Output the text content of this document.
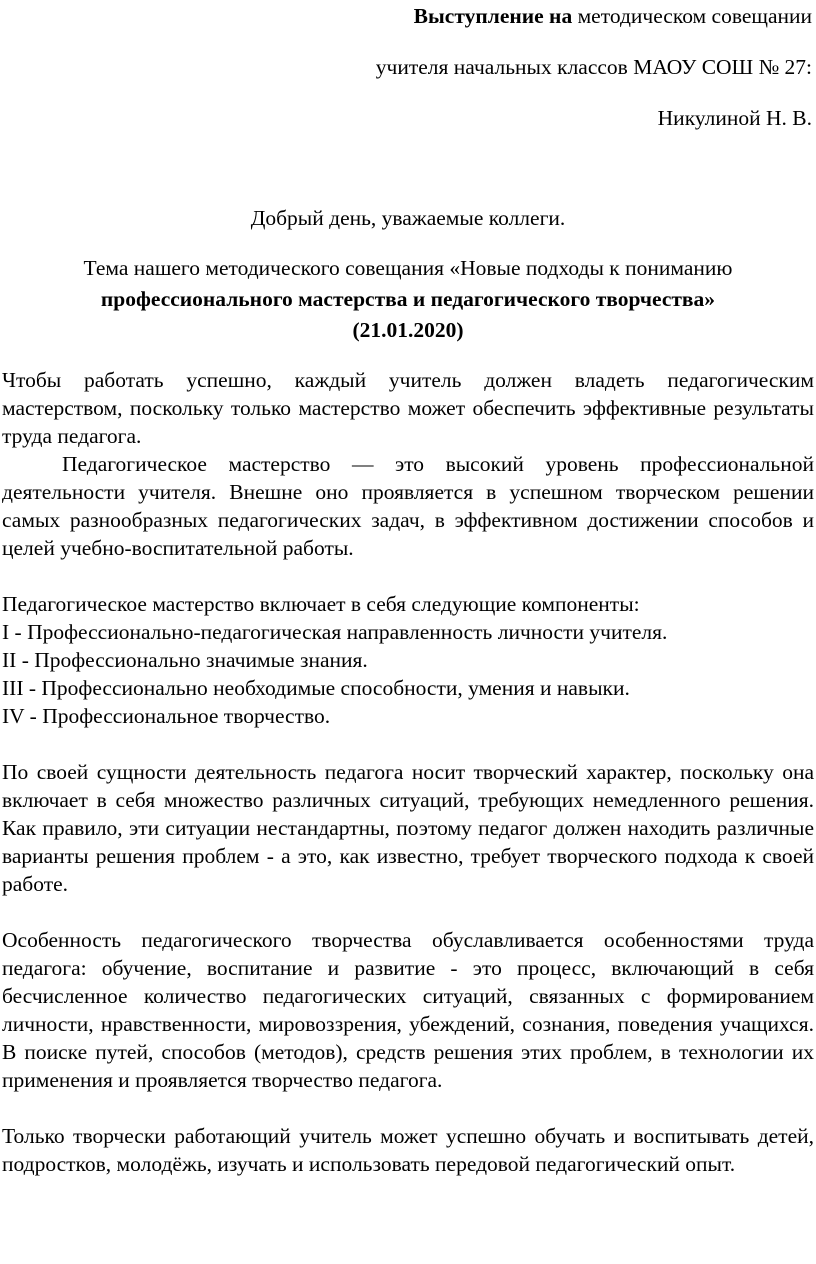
Выступление на методическом совещании

учителя начальных классов МАОУ СОШ № 27:

Никулиной Н. В.

Добрый день, уважаемые коллеги.

Тема нашего методического совещания «Новые подходы к пониманию

профессионального мастерства и педагогического творчества»

(21.01.2020)

Чтобы работать успешно, каждый учитель должен владеть педагогическим мастерством, поскольку только мастерство может обеспечить эффективные результаты труда педагога.

Педагогическое мастерство — это высокий уровень профессиональной деятельности учителя. Внешне оно проявляется в успешном творческом решении самых разнообразных педагогических задач, в эффективном достижении способов и целей учебно-воспитательной работы.

Педагогическое мастерство включает в себя следующие компоненты:

I - Профессионально-педагогическая направленность личности учителя.

II - Профессионально значимые знания.

III - Профессионально необходимые способности, умения и навыки.

IV - Профессиональное творчество.

По своей сущности деятельность педагога носит творческий характер, поскольку она включает в себя множество различных ситуаций, требующих немедленного решения. Как правило, эти ситуации нестандартны, поэтому педагог должен находить различные варианты решения проблем - а это, как известно, требует творческого подхода к своей работе.

Особенность педагогического творчества обуславливается особенностями труда педагога: обучение, воспитание и развитие - это процесс, включающий в себя бесчисленное количество педагогических ситуаций, связанных с формированием личности, нравственности, мировоззрения, убеждений, сознания, поведения учащихся. В поиске путей, способов (методов), средств решения этих проблем, в технологии их применения и проявляется творчество педагога.

Только творчески работающий учитель может успешно обучать и воспитывать детей, подростков, молодёжь, изучать и использовать передовой педагогический опыт.
